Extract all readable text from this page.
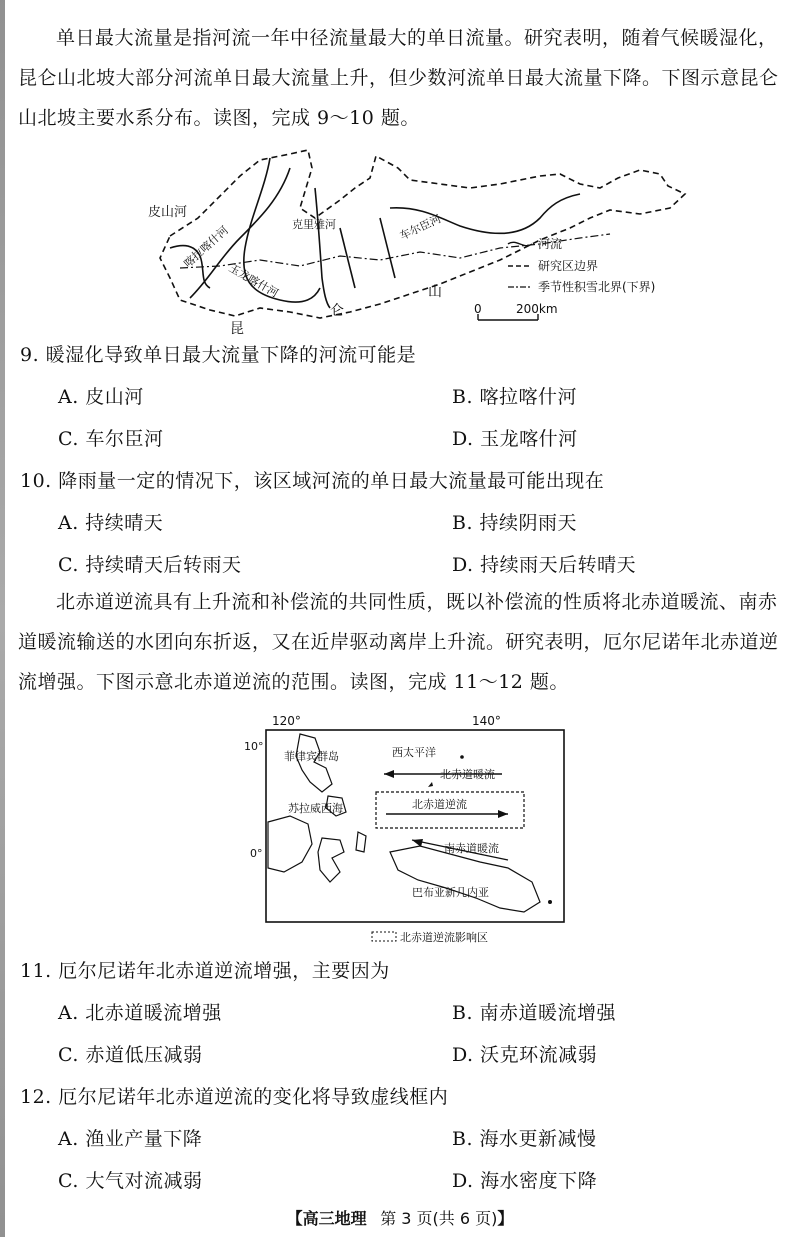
单日最大流量是指河流一年中径流量最大的单日流量。研究表明，随着气候暖湿化，昆仑山北坡大部分河流单日最大流量上升，但少数河流单日最大流量下降。下图示意昆仑山北坡主要水系分布。读图，完成 9～10 题。

皮山河
喀拉喀什河
玉龙喀什河
克里雅河	车尔臣河
昆
仑
山
河流
研究区边界
季节性积雪北界(下界)
0	200km

9. 暖湿化导致单日最大流量下降的河流可能是

A. 皮山河	B. 喀拉喀什河

C. 车尔臣河	D. 玉龙喀什河

10. 降雨量一定的情况下，该区域河流的单日最大流量最可能出现在

A. 持续晴天	B. 持续阴雨天

C. 持续晴天后转雨天	D. 持续雨天后转晴天

北赤道逆流具有上升流和补偿流的共同性质，既以补偿流的性质将北赤道暖流、南赤道暖流输送的水团向东折返，又在近岸驱动离岸上升流。研究表明，厄尔尼诺年北赤道逆流增强。下图示意北赤道逆流的范围。读图，完成 11～12 题。

120°	140°
10°
0°
西太平洋
菲律宾群岛
苏拉威西海
北赤道暖流
北赤道逆流
南赤道暖流
巴布亚新几内亚
北赤道逆流影响区

11. 厄尔尼诺年北赤道逆流增强，主要因为

A. 北赤道暖流增强	B. 南赤道暖流增强

C. 赤道低压减弱	D. 沃克环流减弱

12. 厄尔尼诺年北赤道逆流的变化将导致虚线框内

A. 渔业产量下降	B. 海水更新减慢

C. 大气对流减弱	D. 海水密度下降

【高三地理 第 3 页(共 6 页)】
